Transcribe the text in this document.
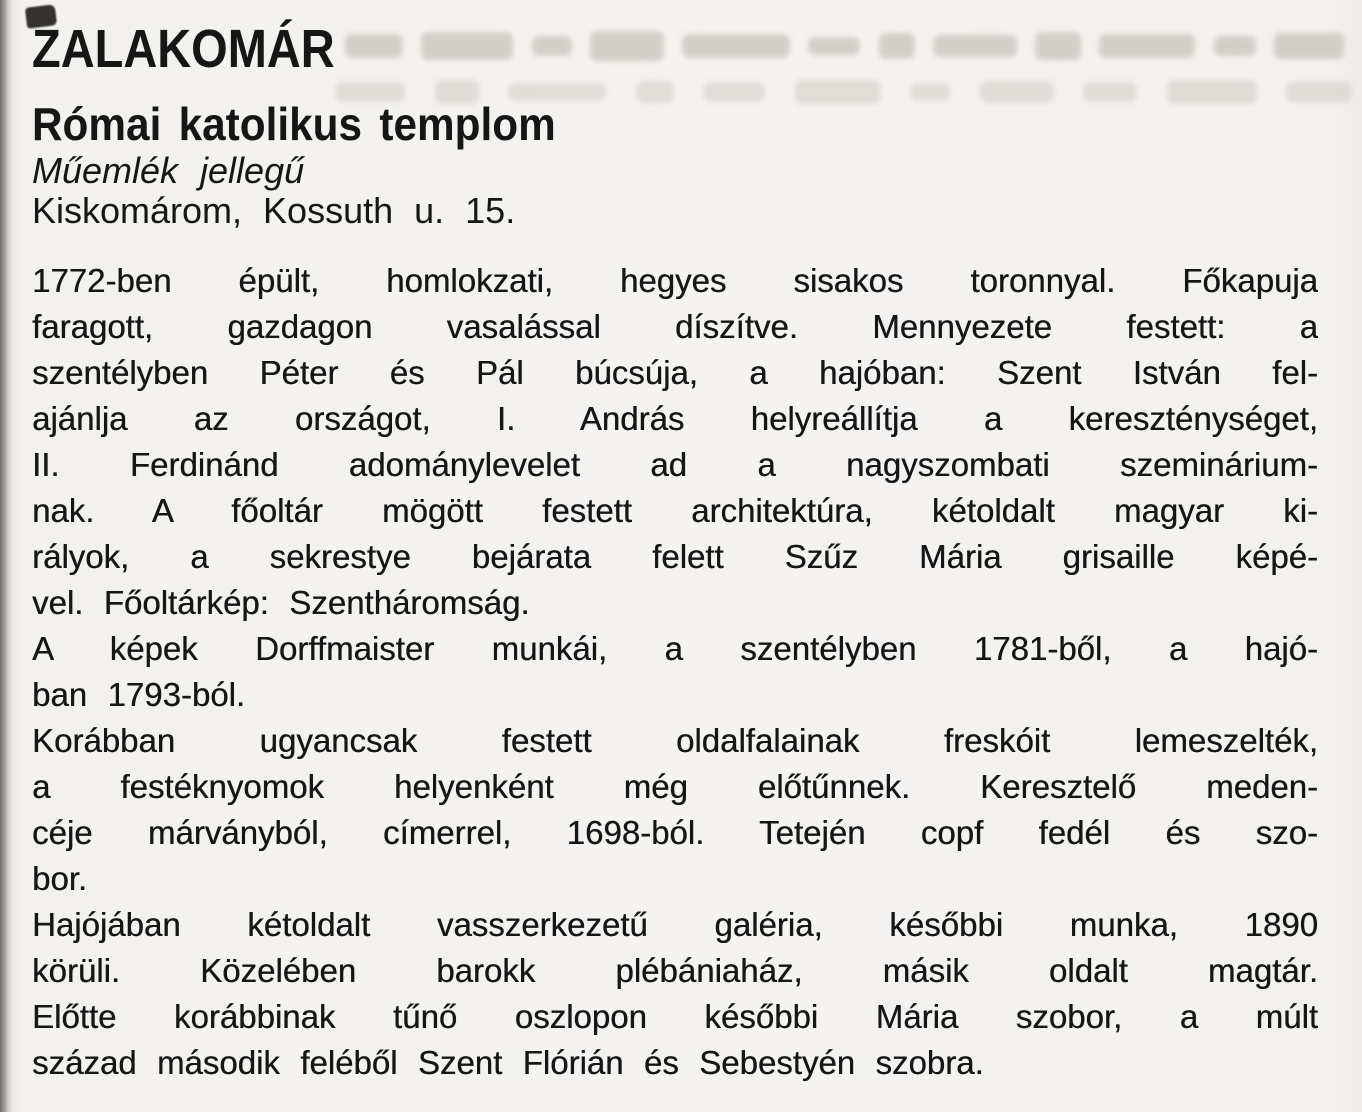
ZALAKOMÁR
Római katolikus templom
Műemlék jellegű
Kiskomárom, Kossuth u. 15.
1772-ben épült, homlokzati, hegyes sisakos toronnyal. Főkapuja
faragott, gazdagon vasalással díszítve. Mennyezete festett: a
szentélyben Péter és Pál búcsúja, a hajóban: Szent István fel-
ajánlja az országot, I. András helyreállítja a kereszténységet,
II. Ferdinánd adománylevelet ad a nagyszombati szeminárium-
nak. A főoltár mögött festett architektúra, kétoldalt magyar ki-
rályok, a sekrestye bejárata felett Szűz Mária grisaille képé-
vel. Főoltárkép: Szentháromság.
A képek Dorffmaister munkái, a szentélyben 1781-ből, a hajó-
ban 1793-ból.
Korábban ugyancsak festett oldalfalainak freskóit lemeszelték,
a festéknyomok helyenként még előtűnnek. Keresztelő meden-
céje márványból, címerrel, 1698-ból. Tetején copf fedél és szo-
bor.
Hajójában kétoldalt vasszerkezetű galéria, későbbi munka, 1890
körüli. Közelében barokk plébániaház, másik oldalt magtár.
Előtte korábbinak tűnő oszlopon későbbi Mária szobor, a múlt
század második feléből Szent Flórián és Sebestyén szobra.
